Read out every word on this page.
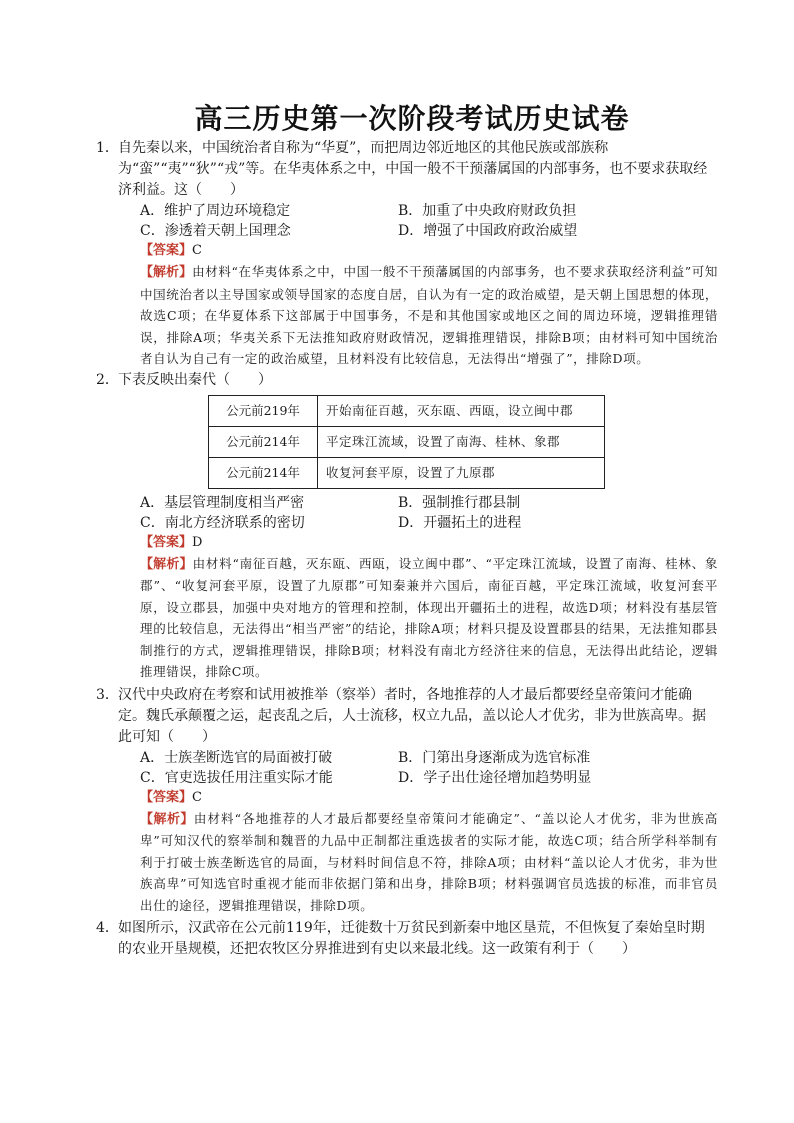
高三历史第一次阶段考试历史试卷
1． 自先秦以来，中国统治者自称为“华夏”，而把周边邻近地区的其他民族或部族称为“蛮”“夷”“狄”“戎”等。在华夷体系之中，中国一般不干预藩属国的内部事务，也不要求获取经济利益。这（　　）

A．维护了周边环境稳定	B．加重了中央政府财政负担
C．渗透着天朝上国理念	D．增强了中国政府政治威望
【答案】C
【解析】由材料“在华夷体系之中，中国一般不干预藩属国的内部事务，也不要求获取经济利益”可知中国统治者以主导国家或领导国家的态度自居，自认为有一定的政治威望，是天朝上国思想的体现，故选C项；在华夏体系下这部属于中国事务，不是和其他国家或地区之间的周边环境，逻辑推理错误，排除A项；华夷关系下无法推知政府财政情况，逻辑推理错误，排除B项；由材料可知中国统治者自认为自己有一定的政治威望，且材料没有比较信息，无法得出“增强了”，排除D项。
2． 下表反映出秦代（　　）

公元前219年	开始南征百越，灭东瓯、西瓯，设立闽中郡
公元前214年	平定珠江流域，设置了南海、桂林、象郡
公元前214年	收复河套平原，设置了九原郡
A．基层管理制度相当严密	B．强制推行郡县制
C．南北方经济联系的密切	D．开疆拓土的进程
【答案】D
【解析】由材料“南征百越，灭东瓯、西瓯，设立闽中郡”、“平定珠江流域，设置了南海、桂林、象郡”、“收复河套平原，设置了九原郡”可知秦兼并六国后，南征百越，平定珠江流域，收复河套平原，设立郡县，加强中央对地方的管理和控制，体现出开疆拓土的进程，故选D项；材料没有基层管理的比较信息，无法得出“相当严密”的结论，排除A项；材料只提及设置郡县的结果，无法推知郡县制推行的方式，逻辑推理错误，排除B项；材料没有南北方经济往来的信息，无法得出此结论，逻辑推理错误，排除C项。
3． 汉代中央政府在考察和试用被推举（察举）者时，各地推荐的人才最后都要经皇帝策问才能确定。魏氏承颠覆之运，起丧乱之后，人士流移，权立九品，盖以论人才优劣，非为世族高卑。据此可知（　　）

A．士族垄断选官的局面被打破	B．门第出身逐渐成为选官标准
C．官吏选拔任用注重实际才能	D．学子出仕途径增加趋势明显
【答案】C
【解析】由材料“各地推荐的人才最后都要经皇帝策问才能确定”、“盖以论人才优劣，非为世族高卑”可知汉代的察举制和魏晋的九品中正制都注重选拔者的实际才能，故选C项；结合所学科举制有利于打破士族垄断选官的局面，与材料时间信息不符，排除A项；由材料“盖以论人才优劣，非为世族高卑”可知选官时重视才能而非依据门第和出身，排除B项；材料强调官员选拔的标准，而非官员出仕的途径，逻辑推理错误，排除D项。
4． 如图所示，汉武帝在公元前119年，迁徙数十万贫民到新秦中地区垦荒，不但恢复了秦始皇时期的农业开垦规模，还把农牧区分界推进到有史以来最北线。这一政策有利于（　　）
